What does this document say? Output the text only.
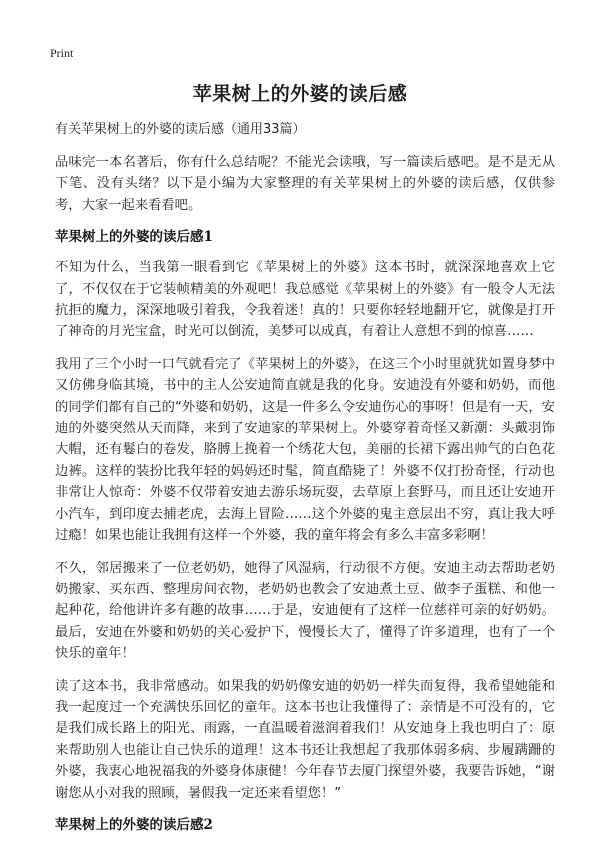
Print
苹果树上的外婆的读后感

有关苹果树上的外婆的读后感（通用33篇）

品味完一本名著后，你有什么总结呢？不能光会读哦，写一篇读后感吧。是不是无从下笔、没有头绪？以下是小编为大家整理的有关苹果树上的外婆的读后感，仅供参考，大家一起来看看吧。

苹果树上的外婆的读后感1

不知为什么，当我第一眼看到它《苹果树上的外婆》这本书时，就深深地喜欢上它了，不仅仅在于它装帧精美的外观吧！我总感觉《苹果树上的外婆》有一般令人无法抗拒的魔力，深深地吸引着我，令我着迷！真的！只要你轻轻地翻开它，就像是打开了神奇的月光宝盒，时光可以倒流，美梦可以成真，有着让人意想不到的惊喜……

我用了三个小时一口气就看完了《苹果树上的外婆》，在这三个小时里就犹如置身梦中又仿佛身临其境，书中的主人公安迪简直就是我的化身。安迪没有外婆和奶奶，而他的同学们都有自己的“外婆和奶奶，这是一件多么令安迪伤心的事呀！但是有一天，安迪的外婆突然从天而降，来到了安迪家的苹果树上。外婆穿着奇怪又新潮：头戴羽饰大帽，还有鬈白的卷发，胳膊上挽着一个绣花大包，美丽的长裙下露出帅气的白色花边裤。这样的装扮比我年轻的妈妈还时髦，简直酷毙了！外婆不仅打扮奇怪，行动也非常让人惊奇：外婆不仅带着安迪去游乐场玩耍，去草原上套野马，而且还让安迪开小汽车，到印度去捕老虎，去海上冒险……这个外婆的鬼主意层出不穷，真让我大呼过瘾！如果也能让我拥有这样一个外婆，我的童年将会有多么丰富多彩啊！

不久，邻居搬来了一位老奶奶，她得了风湿病，行动很不方便。安迪主动去帮助老奶奶搬家、买东西、整理房间衣物，老奶奶也教会了安迪煮土豆、做李子蛋糕、和他一起种花，给他讲许多有趣的故事……于是，安迪便有了这样一位慈祥可亲的好奶奶。最后，安迪在外婆和奶奶的关心爱护下，慢慢长大了，懂得了许多道理，也有了一个快乐的童年！

读了这本书，我非常感动。如果我的奶奶像安迪的奶奶一样失而复得，我希望她能和我一起度过一个充满快乐回忆的童年。这本书也让我懂得了：亲情是不可没有的，它是我们成长路上的阳光、雨露，一直温暖着滋润着我们！从安迪身上我也明白了：原来帮助别人也能让自己快乐的道理！这本书还让我想起了我那体弱多病、步履蹒跚的外婆，我衷心地祝福我的外婆身体康健！今年春节去厦门探望外婆，我要告诉她，“谢谢您从小对我的照顾，暑假我一定还来看望您！”

苹果树上的外婆的读后感2
